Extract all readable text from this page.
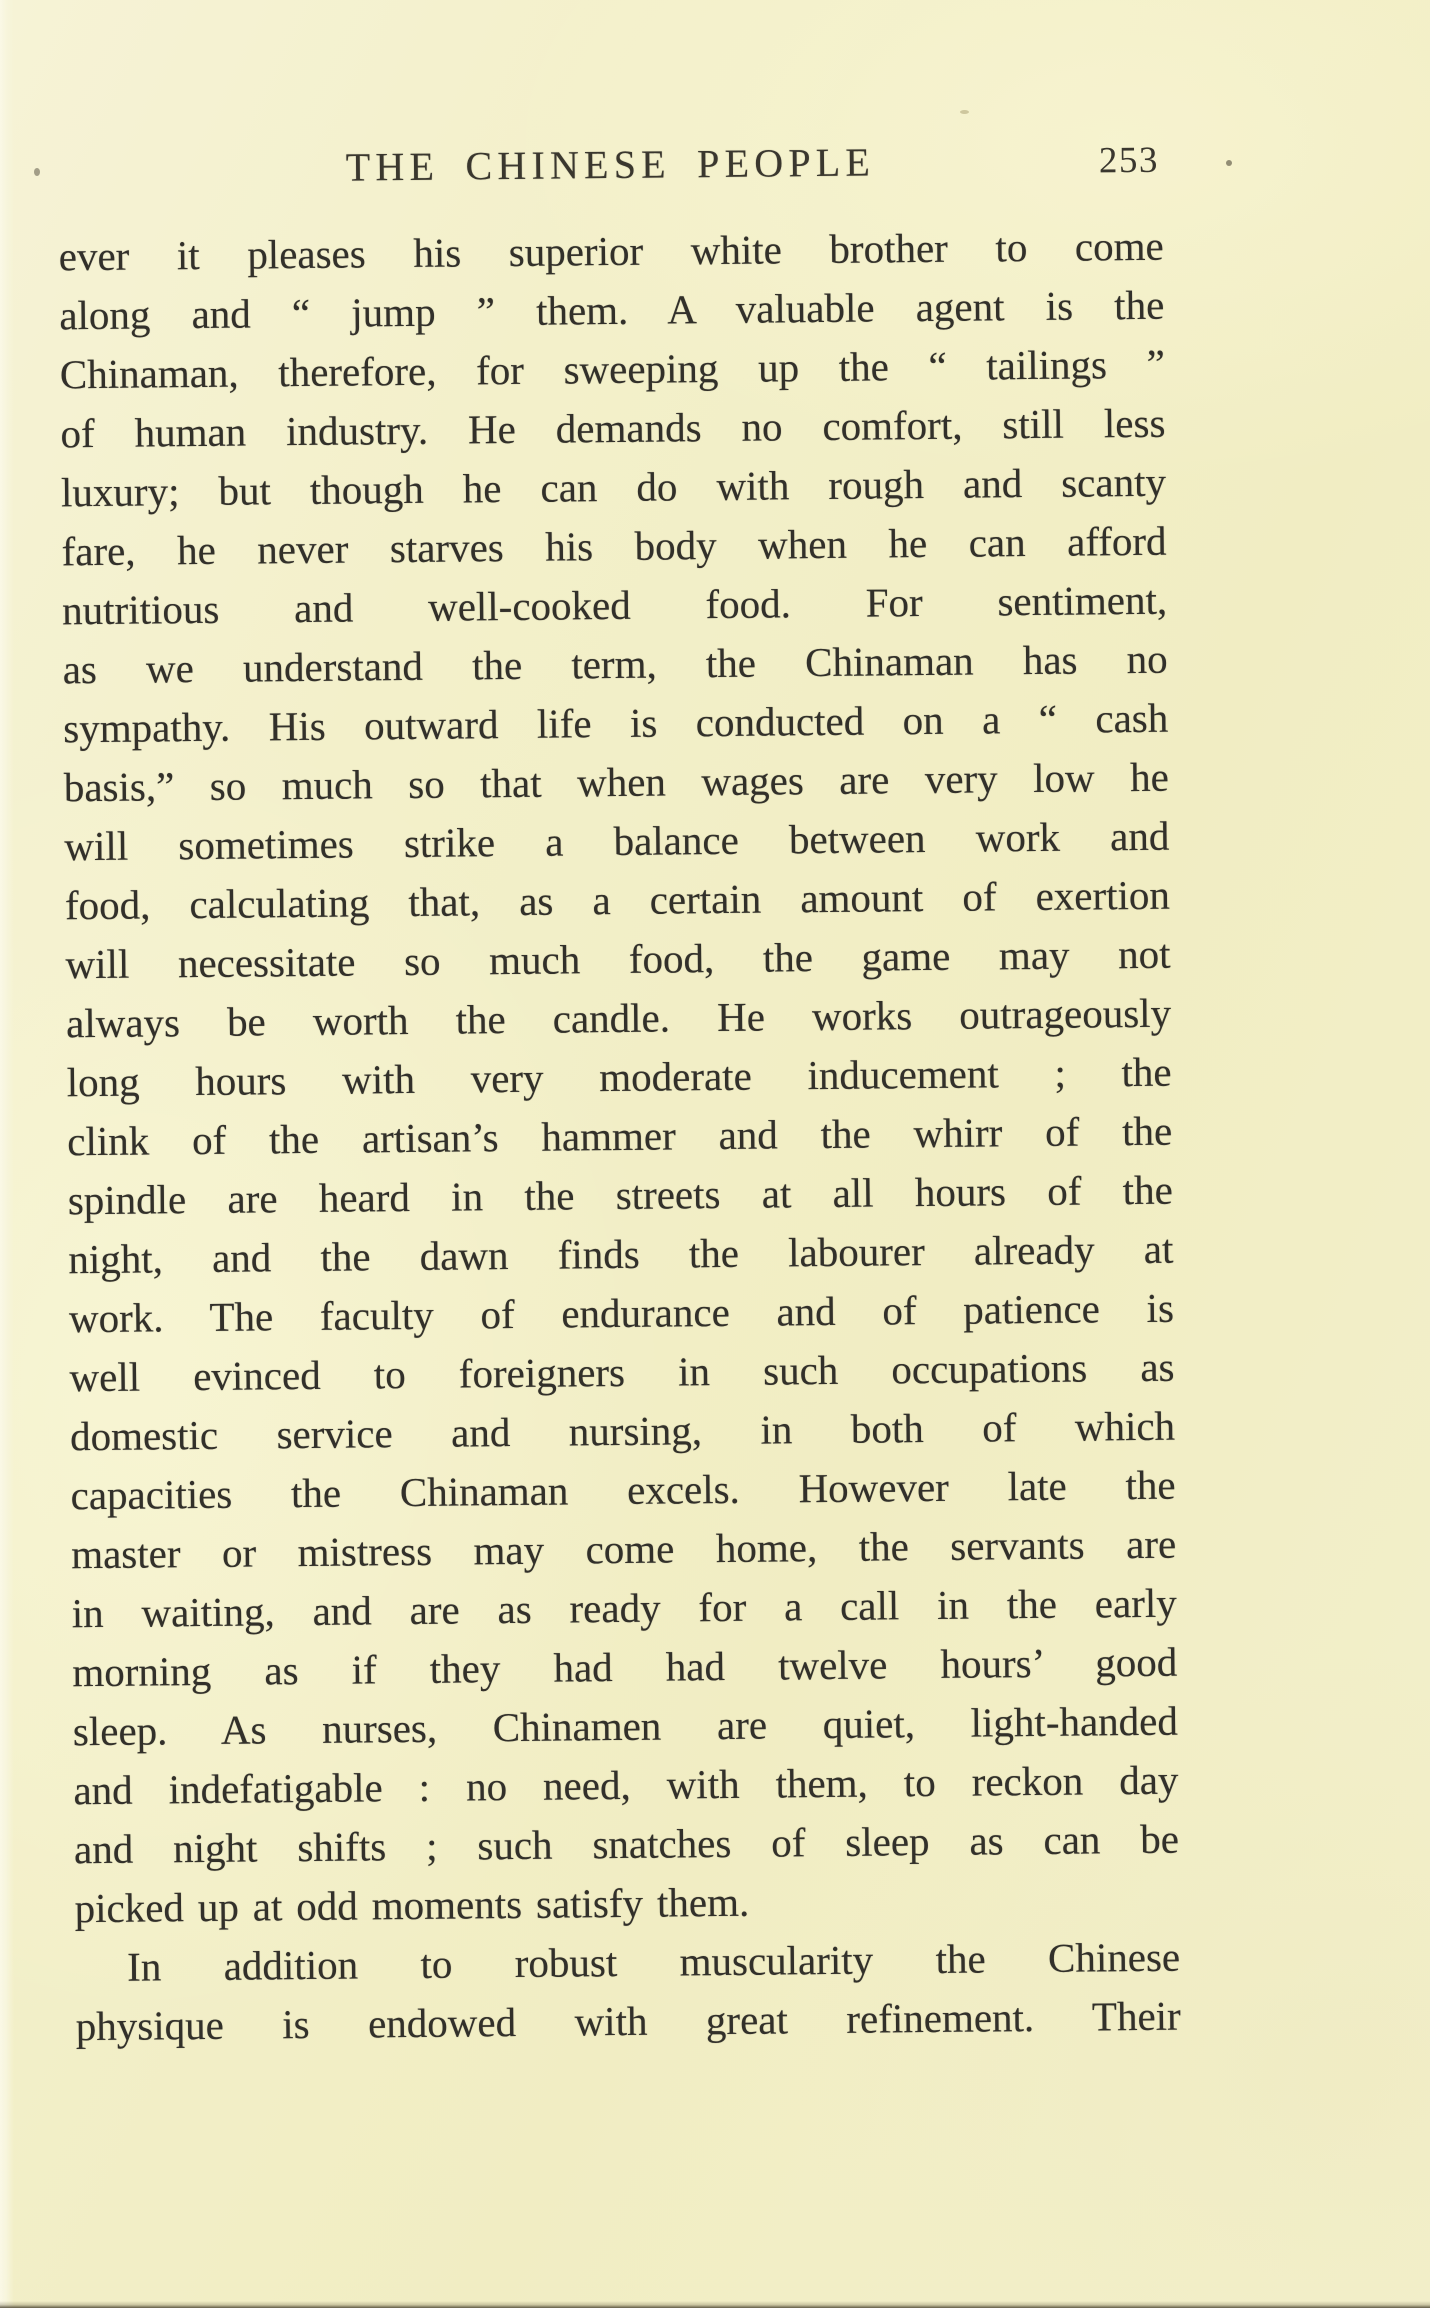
THE CHINESE PEOPLE	253
ever it pleases his superior white brother to come
along and “ jump ” them. A valuable agent is the
Chinaman, therefore, for sweeping up the “ tailings ”
of human industry. He demands no comfort, still less
luxury; but though he can do with rough and scanty
fare, he never starves his body when he can afford
nutritious and well-cooked food. For sentiment,
as we understand the term, the Chinaman has no
sympathy. His outward life is conducted on a “ cash
basis,” so much so that when wages are very low he
will sometimes strike a balance between work and
food, calculating that, as a certain amount of exertion
will necessitate so much food, the game may not
always be worth the candle. He works outrageously
long hours with very moderate inducement ; the
clink of the artisan’s hammer and the whirr of the
spindle are heard in the streets at all hours of the
night, and the dawn finds the labourer already at
work. The faculty of endurance and of patience is
well evinced to foreigners in such occupations as
domestic service and nursing, in both of which
capacities the Chinaman excels. However late the
master or mistress may come home, the servants are
in waiting, and are as ready for a call in the early
morning as if they had had twelve hours’ good
sleep. As nurses, Chinamen are quiet, light-handed
and indefatigable : no need, with them, to reckon day
and night shifts ; such snatches of sleep as can be
picked up at odd moments satisfy them.
In addition to robust muscularity the Chinese
physique is endowed with great refinement. Their
